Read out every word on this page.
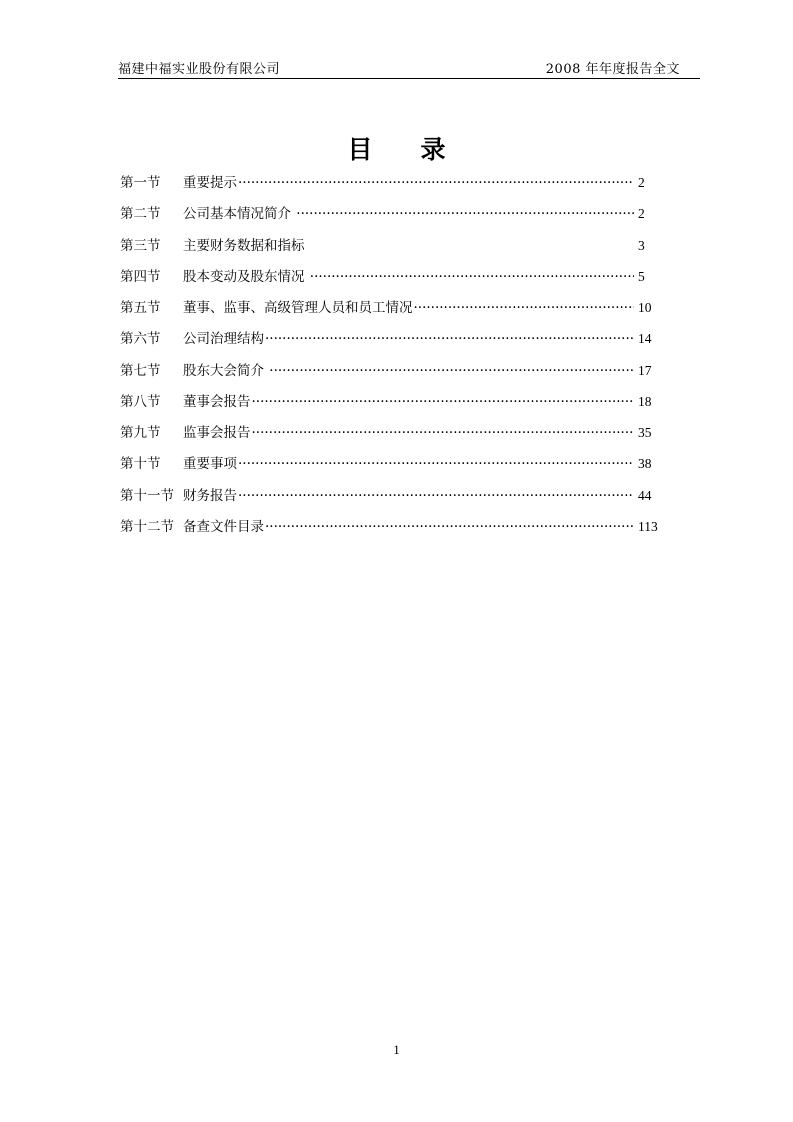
福建中福实业股份有限公司	2008 年年度报告全文
目录
第一节	重要提示 ·····	2
第二节	公司基本情况简介 ·····	2
第三节	主要财务数据和指标	3
第四节	股本变动及股东情况 ·····	5
第五节	董事、监事、高级管理人员和员工情况 ·····	10
第六节	公司治理结构 ·····	14
第七节	股东大会简介 ·····	17
第八节	董事会报告 ·····	18
第九节	监事会报告 ·····	35
第十节	重要事项 ·····	38
第十一节 财务报告 ·····	44
第十二节 备查文件目录 ·····	113
1
